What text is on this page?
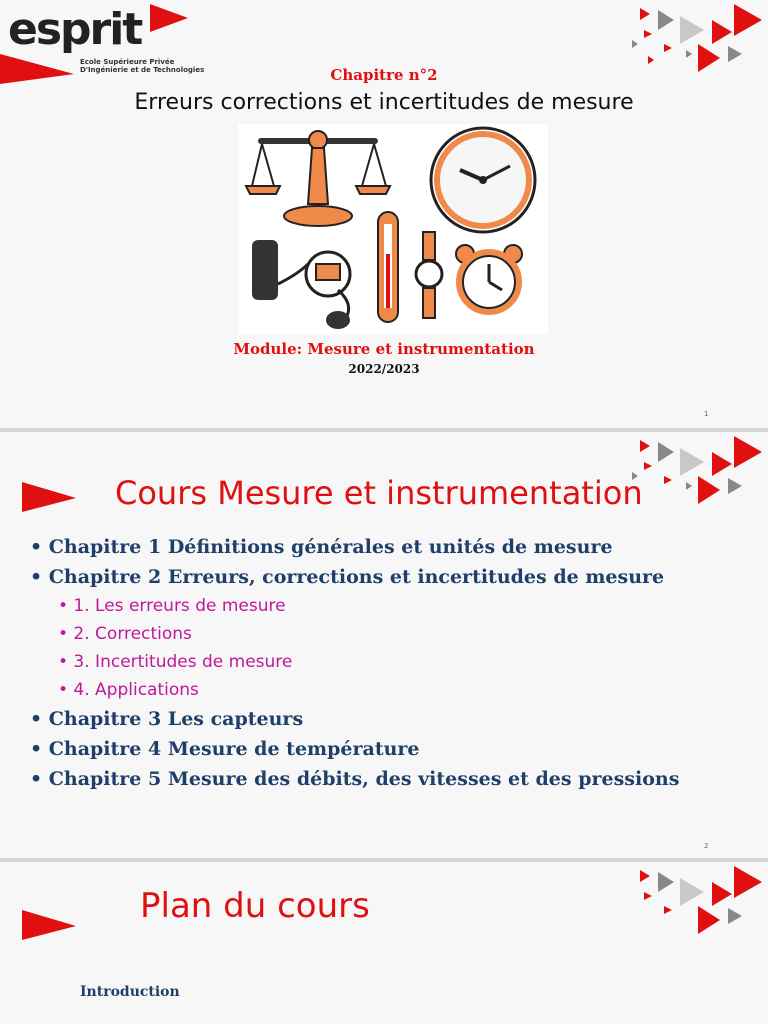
esprit
Ecole Supérieure Privée
D'Ingénierie et de Technologies	Chapitre n°2
Erreurs corrections et incertitudes de mesure
Module: Mesure et instrumentation
2022/2023
1
Cours Mesure et instrumentation
• Chapitre 1 Définitions générales et unités de mesure
• Chapitre 2 Erreurs, corrections et incertitudes de mesure
• 1. Les erreurs de mesure
• 2. Corrections
• 3. Incertitudes de mesure
• 4. Applications
• Chapitre 3 Les capteurs
• Chapitre 4 Mesure de température
• Chapitre 5 Mesure des débits, des vitesses et des pressions
2
Plan du cours
Introduction
